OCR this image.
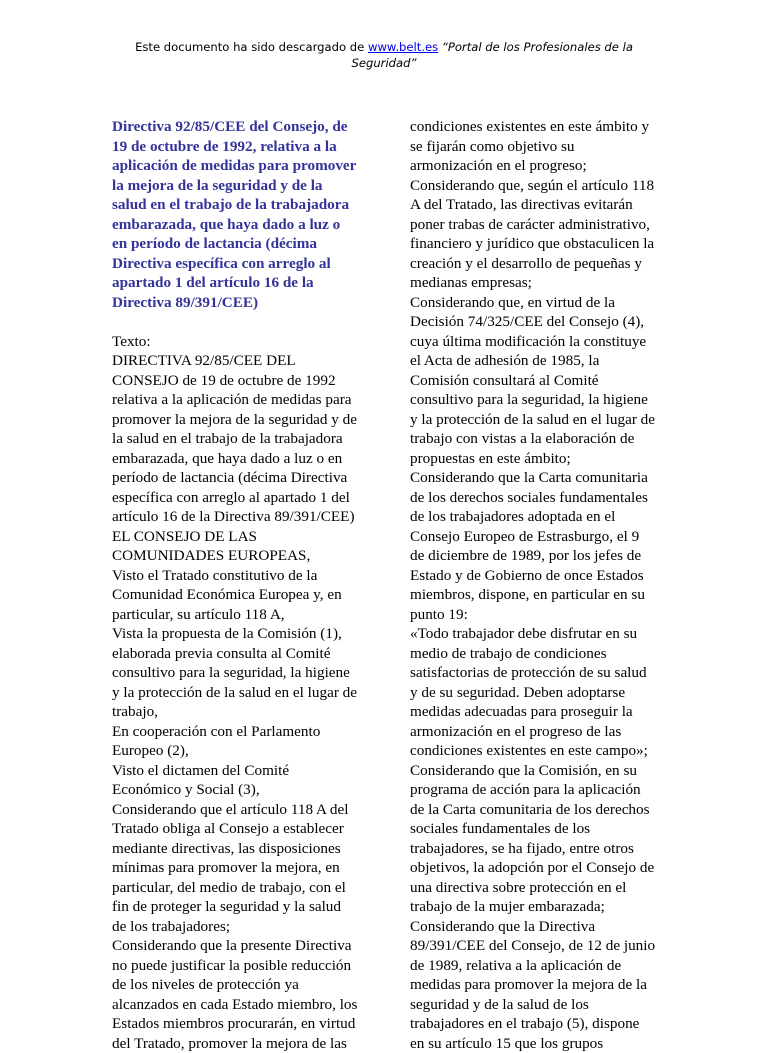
Este documento ha sido descargado de www.belt.es “Portal de los Profesionales de la
Seguridad”
Directiva 92/85/CEE del Consejo, de
19 de octubre de 1992, relativa a la
aplicación de medidas para promover
la mejora de la seguridad y de la
salud en el trabajo de la trabajadora
embarazada, que haya dado a luz o
en período de lactancia (décima
Directiva específica con arreglo al
apartado 1 del artículo 16 de la
Directiva 89/391/CEE)
Texto:
DIRECTIVA 92/85/CEE DEL
CONSEJO de 19 de octubre de 1992
relativa a la aplicación de medidas para
promover la mejora de la seguridad y de
la salud en el trabajo de la trabajadora
embarazada, que haya dado a luz o en
período de lactancia (décima Directiva
específica con arreglo al apartado 1 del
artículo 16 de la Directiva 89/391/CEE)
EL CONSEJO DE LAS
COMUNIDADES EUROPEAS,
Visto el Tratado constitutivo de la
Comunidad Económica Europea y, en
particular, su artículo 118 A,
Vista la propuesta de la Comisión (1),
elaborada previa consulta al Comité
consultivo para la seguridad, la higiene
y la protección de la salud en el lugar de
trabajo,
En cooperación con el Parlamento
Europeo (2),
Visto el dictamen del Comité
Económico y Social (3),
Considerando que el artículo 118 A del
Tratado obliga al Consejo a establecer
mediante directivas, las disposiciones
mínimas para promover la mejora, en
particular, del medio de trabajo, con el
fin de proteger la seguridad y la salud
de los trabajadores;
Considerando que la presente Directiva
no puede justificar la posible reducción
de los niveles de protección ya
alcanzados en cada Estado miembro, los
Estados miembros procurarán, en virtud
del Tratado, promover la mejora de las
condiciones existentes en este ámbito y
se fijarán como objetivo su
armonización en el progreso;
Considerando que, según el artículo 118
A del Tratado, las directivas evitarán
poner trabas de carácter administrativo,
financiero y jurídico que obstaculicen la
creación y el desarrollo de pequeñas y
medianas empresas;
Considerando que, en virtud de la
Decisión 74/325/CEE del Consejo (4),
cuya última modificación la constituye
el Acta de adhesión de 1985, la
Comisión consultará al Comité
consultivo para la seguridad, la higiene
y la protección de la salud en el lugar de
trabajo con vistas a la elaboración de
propuestas en este ámbito;
Considerando que la Carta comunitaria
de los derechos sociales fundamentales
de los trabajadores adoptada en el
Consejo Europeo de Estrasburgo, el 9
de diciembre de 1989, por los jefes de
Estado y de Gobierno de once Estados
miembros, dispone, en particular en su
punto 19:
«Todo trabajador debe disfrutar en su
medio de trabajo de condiciones
satisfactorias de protección de su salud
y de su seguridad. Deben adoptarse
medidas adecuadas para proseguir la
armonización en el progreso de las
condiciones existentes en este campo»;
Considerando que la Comisión, en su
programa de acción para la aplicación
de la Carta comunitaria de los derechos
sociales fundamentales de los
trabajadores, se ha fijado, entre otros
objetivos, la adopción por el Consejo de
una directiva sobre protección en el
trabajo de la mujer embarazada;
Considerando que la Directiva
89/391/CEE del Consejo, de 12 de junio
de 1989, relativa a la aplicación de
medidas para promover la mejora de la
seguridad y de la salud de los
trabajadores en el trabajo (5), dispone
en su artículo 15 que los grupos
